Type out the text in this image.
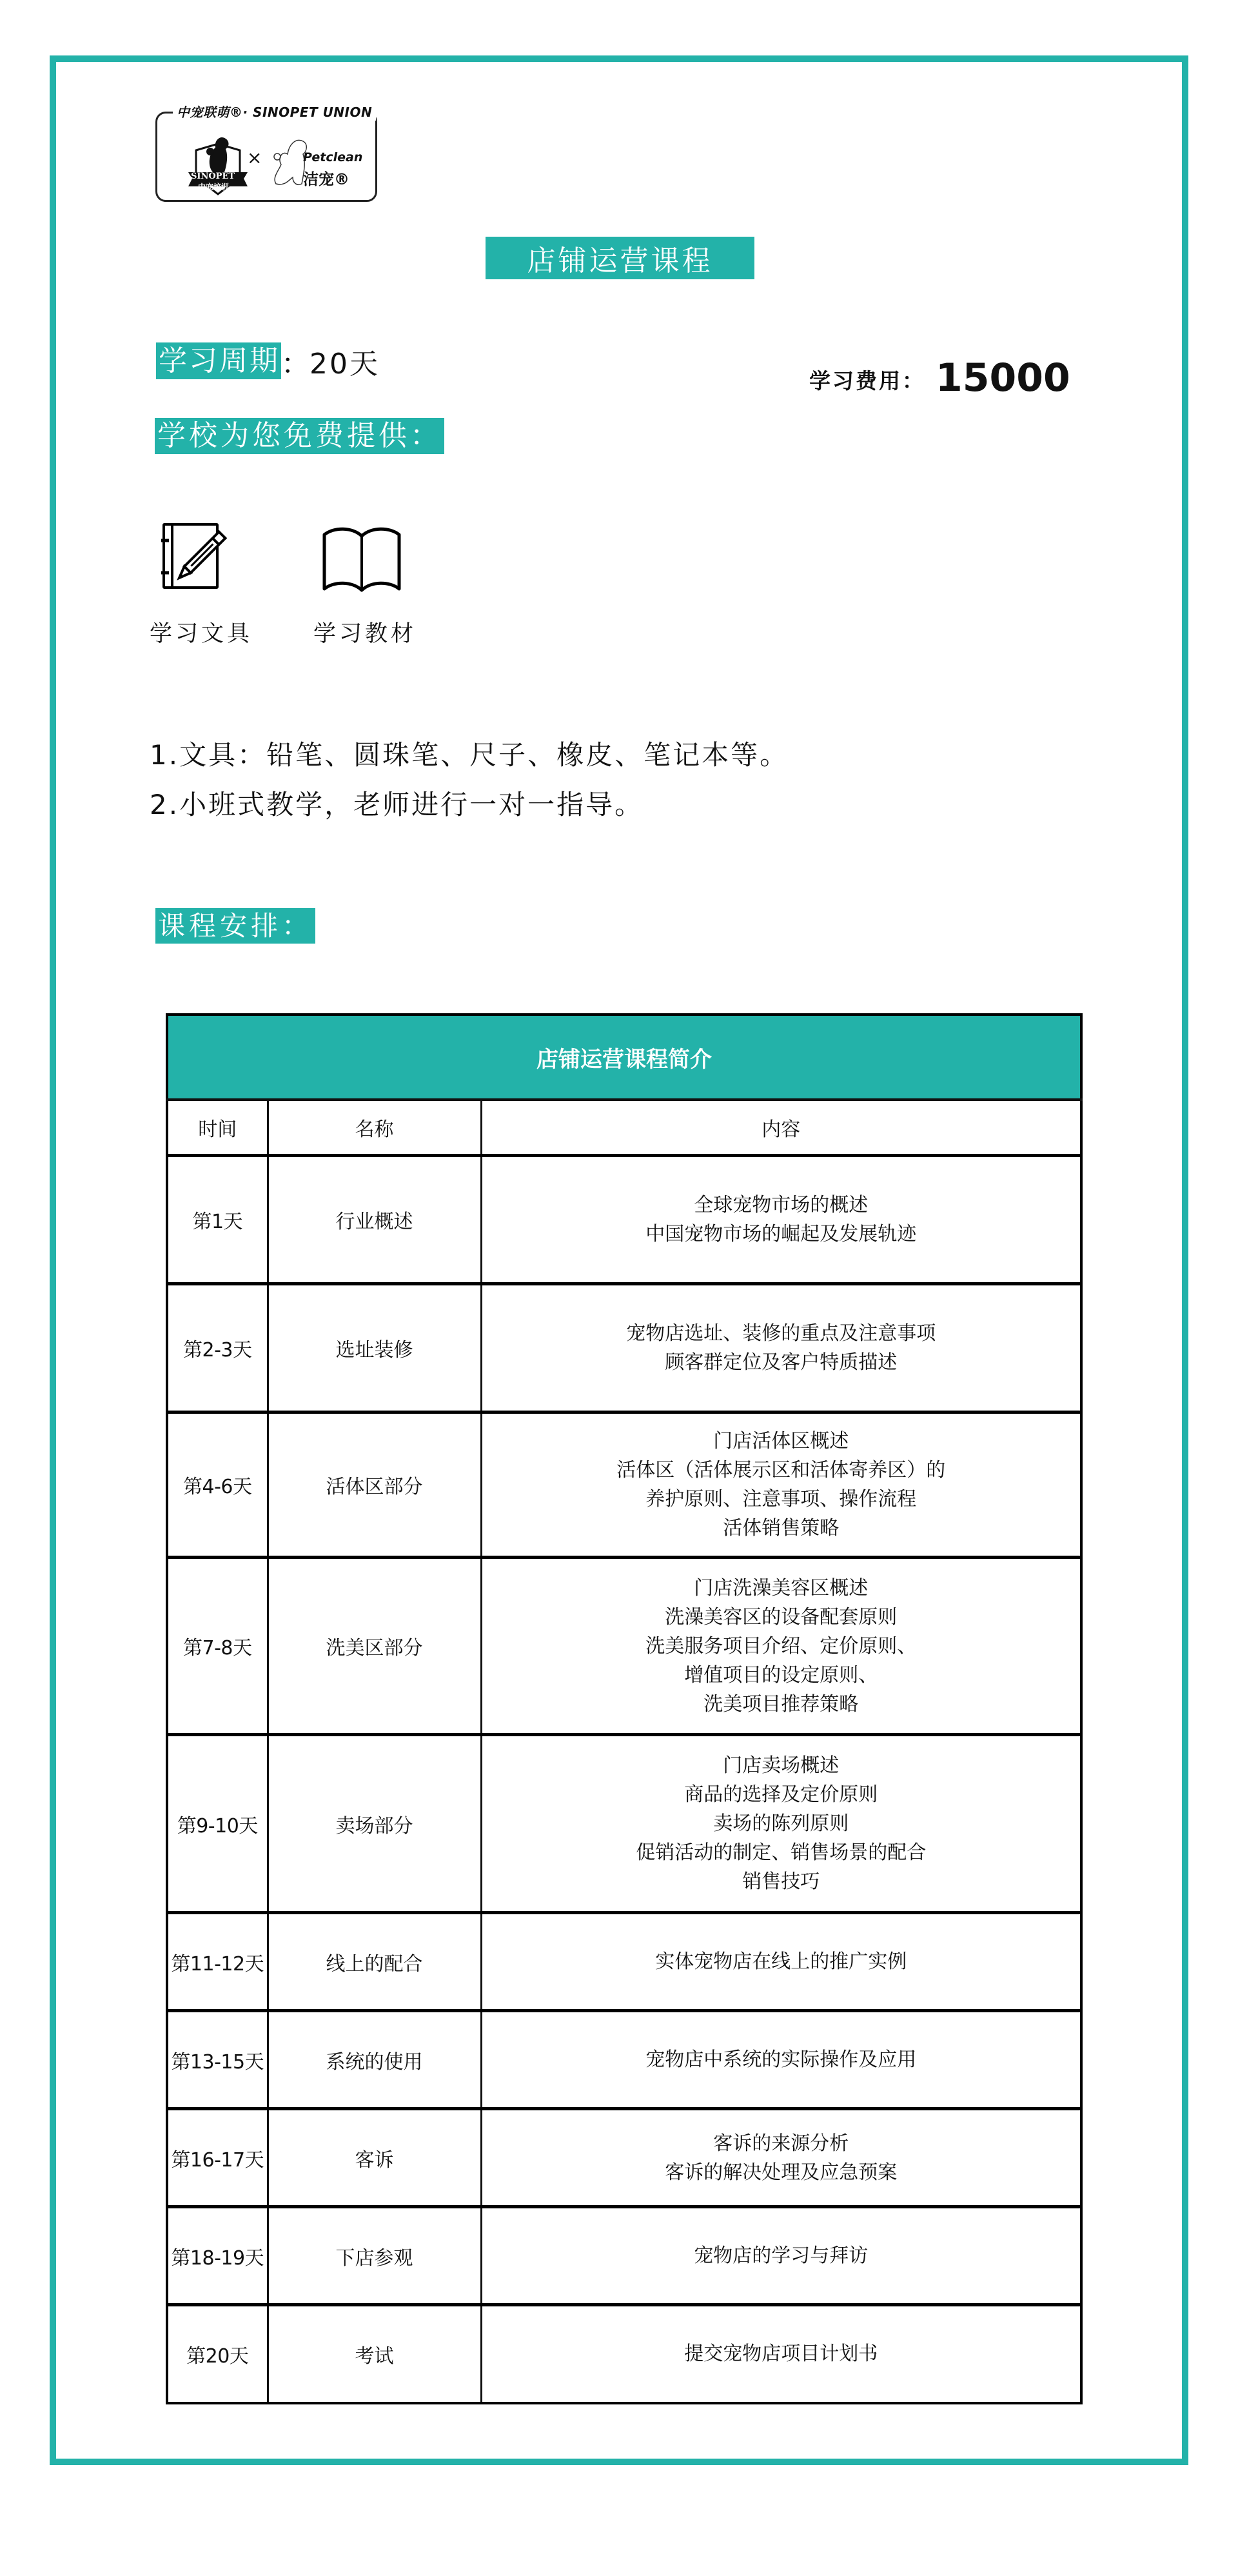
中宠联萌®· SINOPET UNION
SINOPET
中宠培训
×	Petclean
洁宠®
店铺运营课程
学习周期 ： 20天
学习费用： 15000
学校为您免费提供：
学习文具	学习教材
1.文具：铅笔、圆珠笔、尺子、橡皮、笔记本等。
2.小班式教学，老师进行一对一指导。
课程安排：
店铺运营课程简介		
时间	名称	内容
第1天	行业概述	全球宠物市场的概述
中国宠物市场的崛起及发展轨迹

第2-3天	选址装修	宠物店选址、装修的重点及注意事项
顾客群定位及客户特质描述

第4-6天	活体区部分	门店活体区概述
活体区（活体展示区和活体寄养区）的
养护原则、注意事项、操作流程
活体销售策略

第7-8天	洗美区部分	门店洗澡美容区概述
洗澡美容区的设备配套原则
洗美服务项目介绍、定价原则、
增值项目的设定原则、
洗美项目推荐策略

第9-10天	卖场部分	门店卖场概述
商品的选择及定价原则
卖场的陈列原则
促销活动的制定、销售场景的配合
销售技巧

第11-12天	线上的配合	实体宠物店在线上的推广实例

第13-15天	系统的使用	宠物店中系统的实际操作及应用

第16-17天	客诉	客诉的来源分析
客诉的解决处理及应急预案

第18-19天	下店参观	宠物店的学习与拜访

第20天	考试	提交宠物店项目计划书
